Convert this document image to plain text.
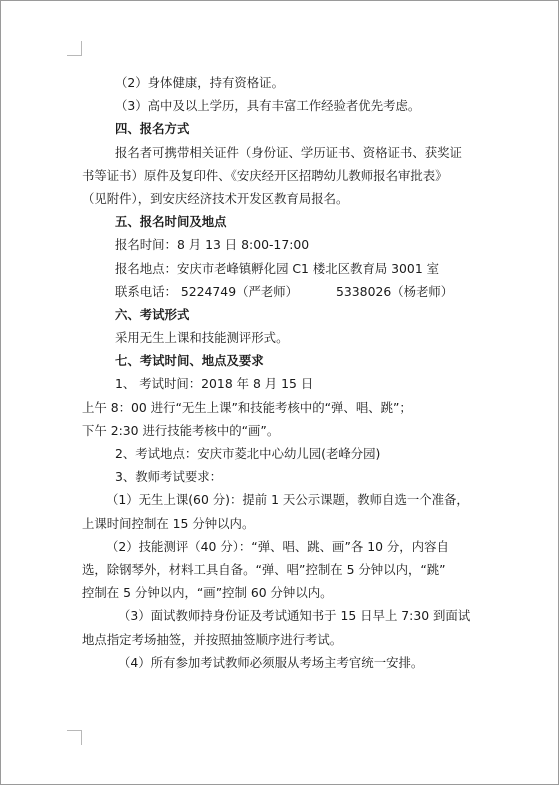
（2）身体健康，持有资格证。
（3）高中及以上学历，具有丰富工作经验者优先考虑。
四、报名方式
报名者可携带相关证件（身份证、学历证书、资格证书、获奖证
书等证书）原件及复印件、《安庆经开区招聘幼儿教师报名审批表》
（见附件），到安庆经济技术开发区教育局报名。
五、报名时间及地点
报名时间：8 月 13 日 8:00-17:00
报名地点：安庆市老峰镇孵化园 C1 楼北区教育局 3001 室
联系电话： 5224749（严老师）	5338026（杨老师）
六、考试形式
采用无生上课和技能测评形式。
七、考试时间、地点及要求
1、 考试时间：2018 年 8 月 15 日
上午 8：00 进行“无生上课”和技能考核中的“弹、唱、跳”；
下午 2:30 进行技能考核中的“画”。
2、考试地点：安庆市菱北中心幼儿园(老峰分园)
3、教师考试要求：
（1）无生上课(60 分)：提前 1 天公示课题，教师自选一个准备，
上课时间控制在 15 分钟以内。
（2）技能测评（40 分）：“弹、唱、跳、画”各 10 分，内容自
选，除钢琴外，材料工具自备。“弹、唱”控制在 5 分钟以内，“跳”
控制在 5 分钟以内，“画”控制 60 分钟以内。
（3）面试教师持身份证及考试通知书于 15 日早上 7:30 到面试
地点指定考场抽签，并按照抽签顺序进行考试。
（4）所有参加考试教师必须服从考场主考官统一安排。
